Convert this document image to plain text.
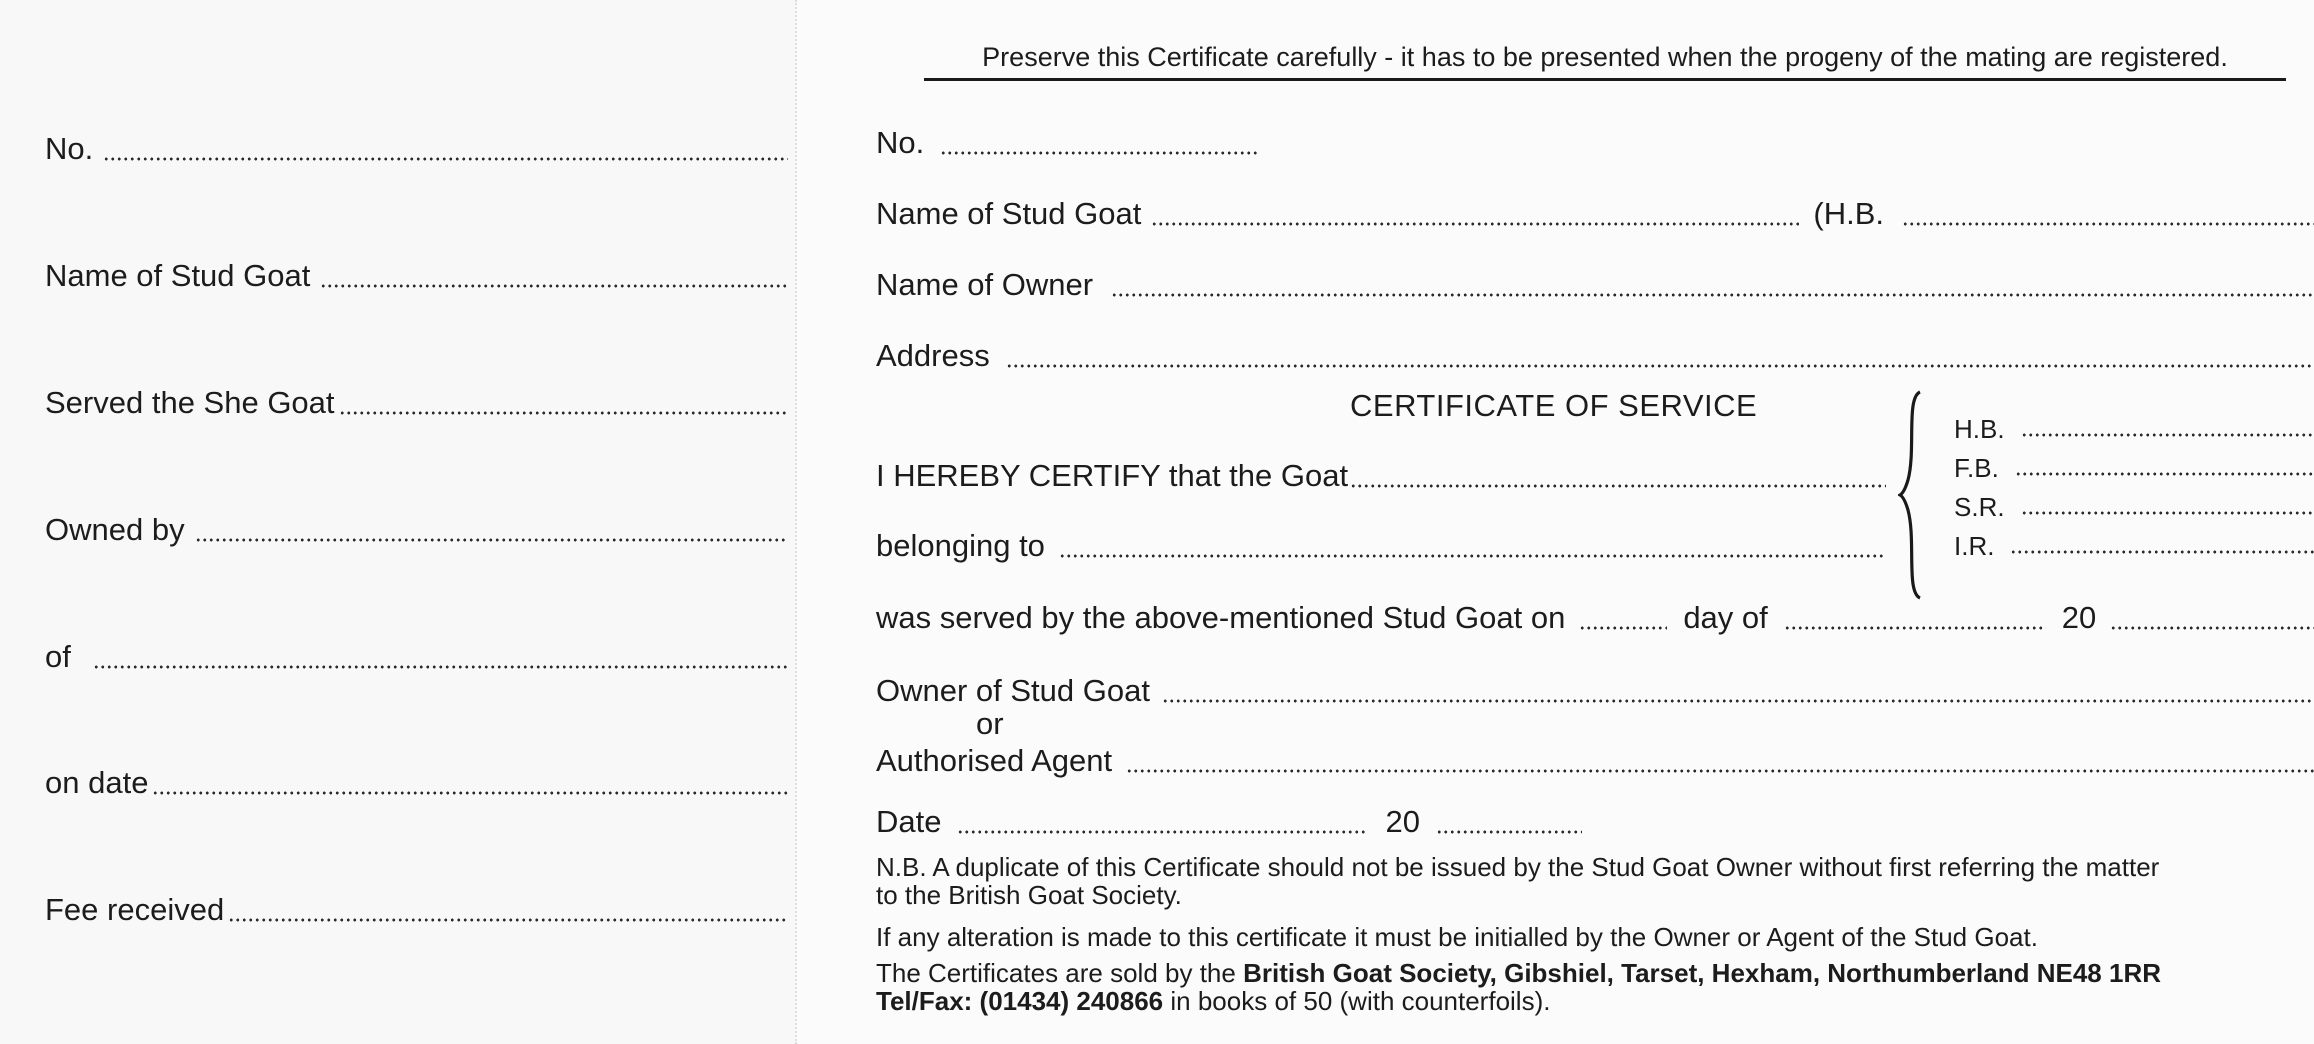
No.
Name of Stud Goat
Served the She Goat
Owned by
of
on date
Fee received
Preserve this Certificate carefully - it has to be presented when the progeny of the mating are registered.
No.
Name of Stud Goat	(H.B.
Name of Owner
Address
CERTIFICATE OF SERVICE
I HEREBY CERTIFY that the Goat
belonging to
H.B.
F.B.
S.R.
I.R.
was served by the above-mentioned Stud Goat on	day of	20
Owner of Stud Goat
or
Authorised Agent
Date	20
N.B. A duplicate of this Certificate should not be issued by the Stud Goat Owner without first referring the matter
to the British Goat Society.
If any alteration is made to this certificate it must be initialled by the Owner or Agent of the Stud Goat.
The Certificates are sold by the British Goat Society, Gibshiel, Tarset, Hexham, Northumberland NE48 1RR
Tel/Fax: (01434) 240866 in books of 50 (with counterfoils).
